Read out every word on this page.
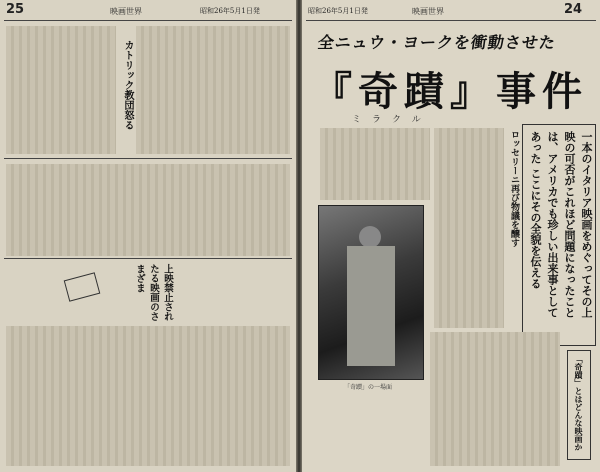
25	映画世界	昭和26年5月1日発
カトリック教団怒る
上映禁止され
たる映画のさ
まざま
昭和26年5月1日発	映画世界	24
全ニュウ・ヨークを衝動させた
『奇蹟』事件
ミラクル
ロッセリーニ再び物議を醸す	一本のイタリア映画をめぐってその上
映の可否がこれほど問題になったこと
は、アメリカでも珍しい出来事として
あった ここにその全貌を伝える
「奇蹟」の一場面	「奇蹟」とはどんな映画か
